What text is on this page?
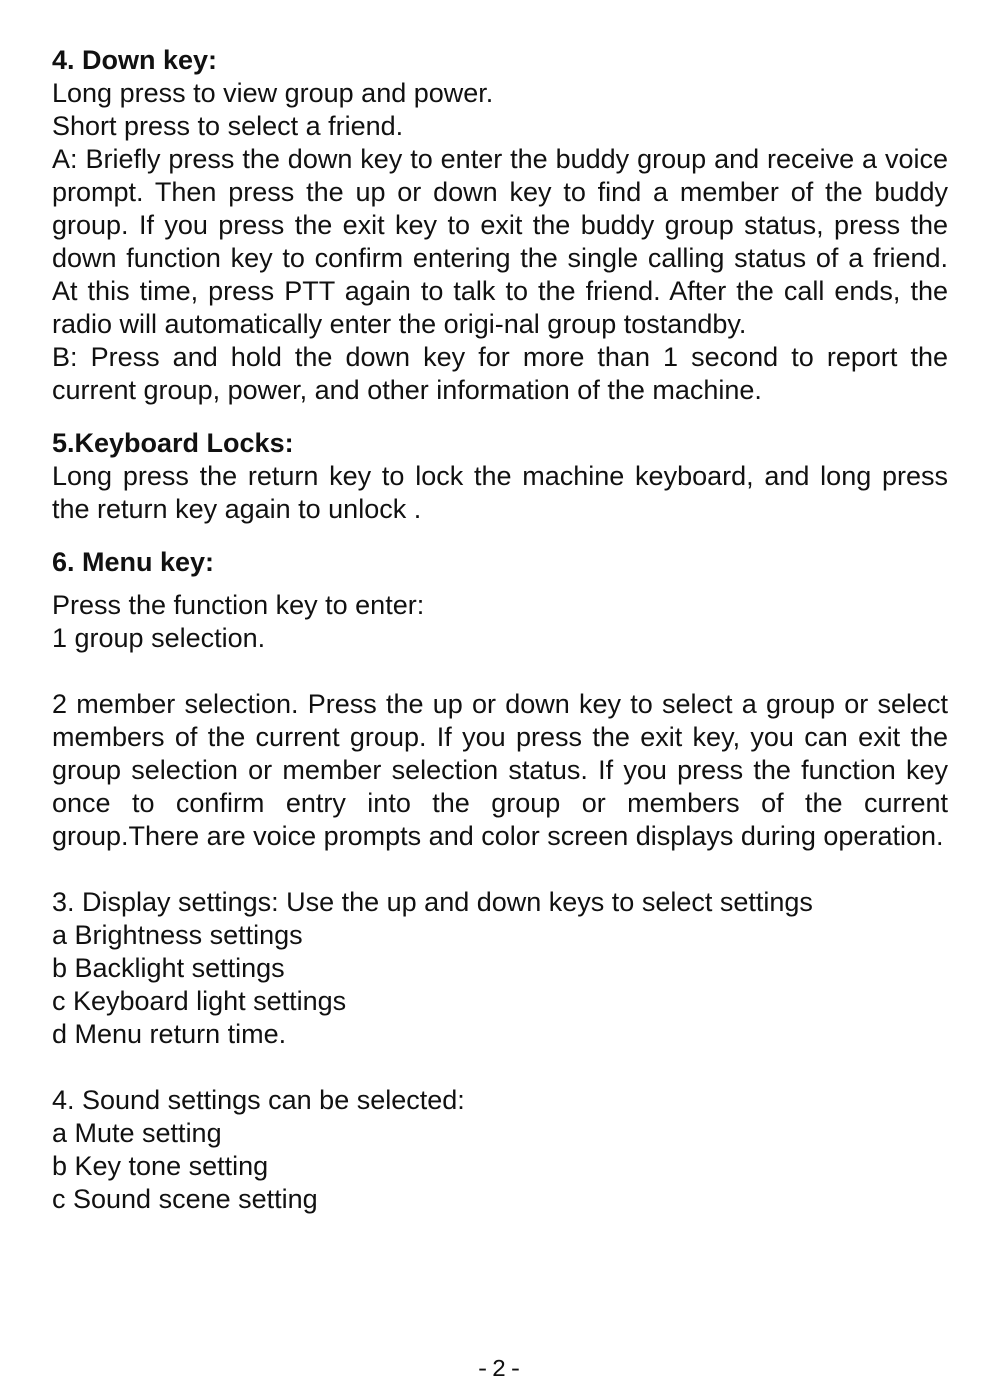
4. Down key:

Long press to view group and power.

Short press to select a friend.

A: Briefly press the down key to enter the buddy group and receive a voice prompt. Then press the up or down key to find a member of the buddy group. If you press the exit key to exit the buddy group status, press the down function key to confirm entering the single calling status of a friend. At this time, press PTT again to talk to the friend. After the call ends, the radio will automatically enter the origi-nal group tostandby.

B: Press and hold the down key for more than 1 second to report the current group, power, and other information of the machine.

5.Keyboard Locks:

Long press the return key to lock the machine keyboard, and long press the return key again to unlock .

6. Menu key:

Press the function key to enter:

1 group selection.

2 member selection. Press the up or down key to select a group or select members of the current group. If you press the exit key, you can exit the group selection or member selection status. If you press the function key once to confirm entry into the group or members of the current group.There are voice prompts and color screen displays during operation.

3. Display settings: Use the up and down keys to select settings

a Brightness settings

b Backlight settings

c Keyboard light settings

d Menu return time.

4. Sound settings can be selected:

a Mute setting

b Key tone setting

c Sound scene setting

-2-
